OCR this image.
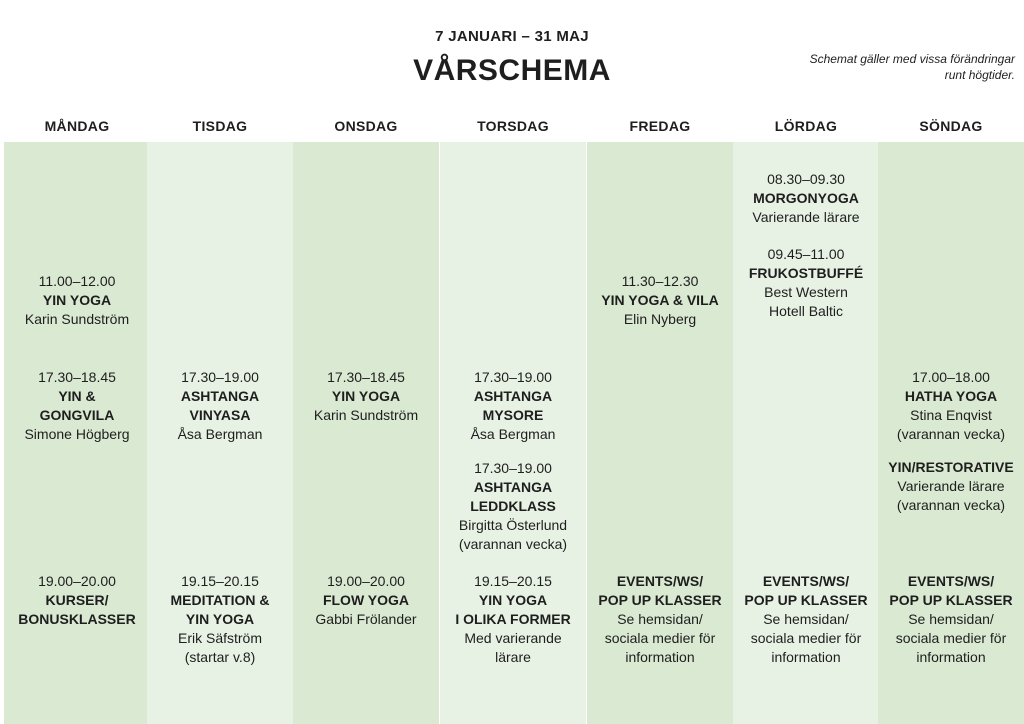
7 JANUARI – 31 MAJ
VÅRSCHEMA	Schemat gäller med vissa förändringar runt högtider.
MÅNDAG
11.00–12.00
YIN YOGA
Karin Sundström
17.30–18.45
YIN &
GONGVILA
Simone Högberg
19.00–20.00
KURSER/
BONUSKLASSER
TISDAG
17.30–19.00
ASHTANGA
VINYASA
Åsa Bergman
19.15–20.15
MEDITATION &
YIN YOGA
Erik Säfström
(startar v.8)
ONSDAG
17.30–18.45
YIN YOGA
Karin Sundström
19.00–20.00
FLOW YOGA
Gabbi Frölander
TORSDAG
17.30–19.00
ASHTANGA
MYSORE
Åsa Bergman
17.30–19.00
ASHTANGA
LEDDKLASS
Birgitta Österlund
(varannan vecka)
19.15–20.15
YIN YOGA
I OLIKA FORMER
Med varierande
lärare
FREDAG
11.30–12.30
YIN YOGA & VILA
Elin Nyberg
EVENTS/WS/
POP UP KLASSER
Se hemsidan/
sociala medier för
information
LÖRDAG
08.30–09.30
MORGONYOGA
Varierande lärare
09.45–11.00
FRUKOSTBUFFÉ
Best Western
Hotell Baltic
EVENTS/WS/
POP UP KLASSER
Se hemsidan/
sociala medier för
information
SÖNDAG
17.00–18.00
HATHA YOGA
Stina Enqvist
(varannan vecka)
YIN/RESTORATIVE
Varierande lärare
(varannan vecka)
EVENTS/WS/
POP UP KLASSER
Se hemsidan/
sociala medier för
information
